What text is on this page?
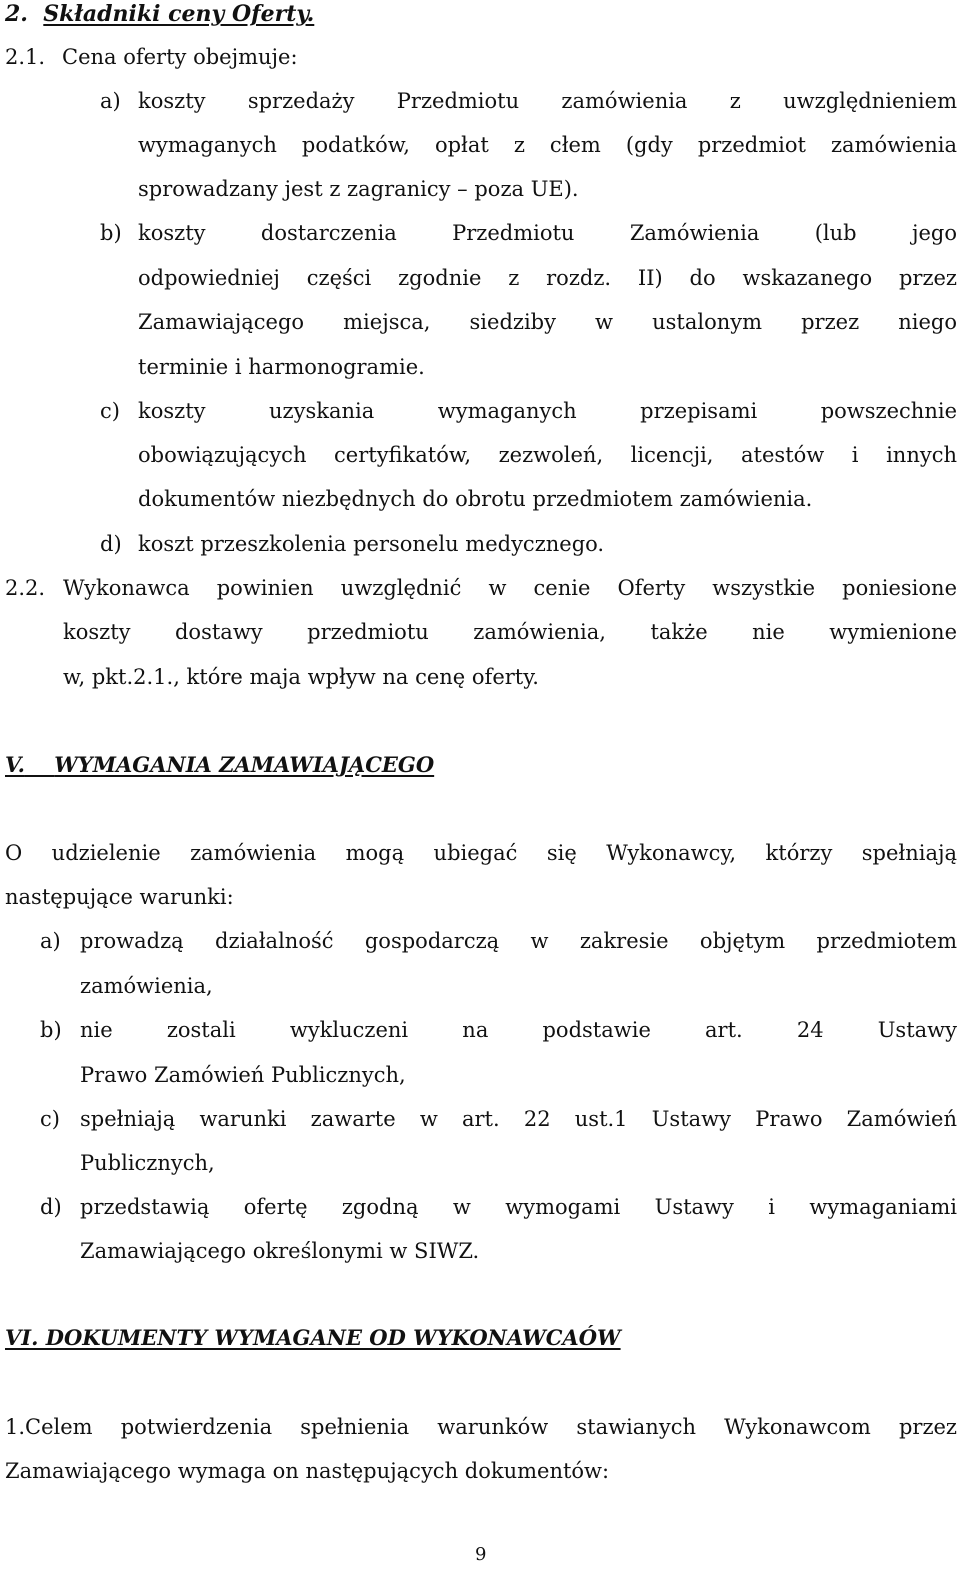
2. Składniki ceny Oferty.
2.1. Cena oferty obejmuje:
a) koszty sprzedaży Przedmiotu zamówienia z uwzględnieniem
wymaganych podatków, opłat z cłem (gdy przedmiot zamówienia
sprowadzany jest z zagranicy – poza UE).
b) koszty dostarczenia Przedmiotu Zamówienia (lub jego
odpowiedniej części zgodnie z rozdz. II) do wskazanego przez
Zamawiającego miejsca, siedziby w ustalonym przez niego
terminie i harmonogramie.
c) koszty uzyskania wymaganych przepisami powszechnie
obowiązujących certyfikatów, zezwoleń, licencji, atestów i innych
dokumentów niezbędnych do obrotu przedmiotem zamówienia.
d) koszt przeszkolenia personelu medycznego.
2.2. Wykonawca powinien uwzględnić w cenie Oferty wszystkie poniesione
koszty dostawy przedmiotu zamówienia, także nie wymienione
w, pkt.2.1., które maja wpływ na cenę oferty.
V. WYMAGANIA ZAMAWIAJĄCEGO
O udzielenie zamówienia mogą ubiegać się Wykonawcy, którzy spełniają
następujące warunki:
a) prowadzą działalność gospodarczą w zakresie objętym przedmiotem
zamówienia,
b) nie zostali wykluczeni na podstawie art. 24 Ustawy
Prawo Zamówień Publicznych,
c) spełniają warunki zawarte w art. 22 ust.1 Ustawy Prawo Zamówień
Publicznych,
d) przedstawią ofertę zgodną w wymogami Ustawy i wymaganiami
Zamawiającego określonymi w SIWZ.
VI. DOKUMENTY WYMAGANE OD WYKONAWCAÓW
1.Celem potwierdzenia spełnienia warunków stawianych Wykonawcom przez
Zamawiającego wymaga on następujących dokumentów:
9
